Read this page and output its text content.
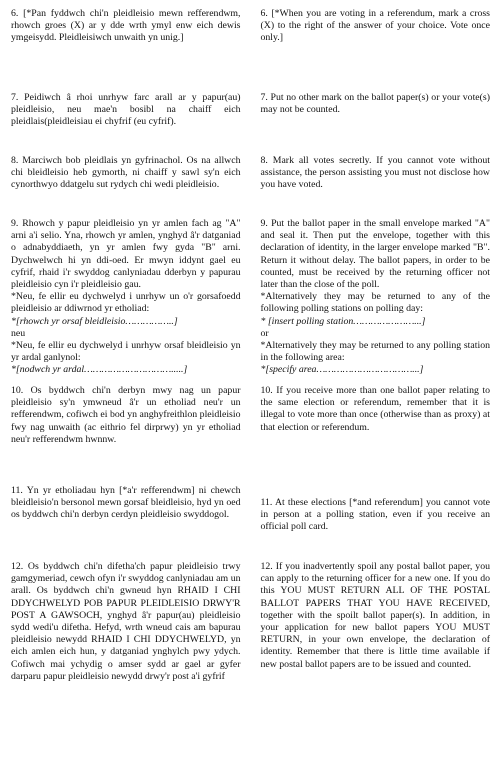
6. [*Pan fyddwch chi'n pleidleisio mewn refferendwm, rhowch groes (X) ar y dde wrth ymyl enw eich dewis ymgeisydd. Pleidleisiwch unwaith yn unig.]
6. [*When you are voting in a referendum, mark a cross (X) to the right of the answer of your choice. Vote once only.]
7. Peidiwch â rhoi unrhyw farc arall ar y papur(au) pleidleisio, neu mae'n bosibl na chaiff eich pleidlais(pleidleisiau ei chyfrif (eu cyfrif).
7. Put no other mark on the ballot paper(s) or your vote(s) may not be counted.
8. Marciwch bob pleidlais yn gyfrinachol. Os na allwch chi bleidleisio heb gymorth, ni chaiff y sawl sy'n eich cynorthwyo ddatgelu sut rydych chi wedi pleidleisio.
8. Mark all votes secretly. If you cannot vote without assistance, the person assisting you must not disclose how you have voted.

9. Rhowch y papur pleidleisio yn yr amlen fach ag "A" arni a'i selio. Yna, rhowch yr amlen, ynghyd â'r datganiad o adnabyddiaeth, yn yr amlen fwy gyda "B" arni. Dychwelwch hi yn ddi-oed. Er mwyn iddynt gael eu cyfrif, rhaid i'r swyddog canlyniadau dderbyn y papurau pleidleisio cyn i'r pleidleisio gau.

*Neu, fe ellir eu dychwelyd i unrhyw un o'r gorsafoedd pleidleisio ar ddiwrnod yr etholiad:

*[rhowch yr orsaf bleidleisio……………..]

neu

*Neu, fe ellir eu dychwelyd i unrhyw orsaf bleidleisio yn yr ardal ganlynol:

*[nodwch yr ardal………………………….....]

9. Put the ballot paper in the small envelope marked "A" and seal it. Then put the envelope, together with this declaration of identity, in the larger envelope marked "B". Return it without delay. The ballot papers, in order to be counted, must be received by the returning officer not later than the close of the poll.

*Alternatively they may be returned to any of the following polling stations on polling day:

* [insert polling station…………………...]

or

*Alternatively they may be returned to any polling station in the following area:

*[specify area……………………………...]

10. Os byddwch chi'n derbyn mwy nag un papur pleidleisio sy'n ymwneud â'r un etholiad neu'r un refferendwm, cofiwch ei bod yn anghyfreithlon pleidleisio fwy nag unwaith (ac eithrio fel dirprwy) yn yr etholiad neu'r refferendwm hwnnw.
10. If you receive more than one ballot paper relating to the same election or referendum, remember that it is illegal to vote more than once (otherwise than as proxy) at that election or referendum.
11. Yn yr etholiadau hyn [*a'r refferendwm] ni chewch bleidleisio'n bersonol mewn gorsaf bleidleisio, hyd yn oed os byddwch chi'n derbyn cerdyn pleidleisio swyddogol.
11. At these elections [*and referendum] you cannot vote in person at a polling station, even if you receive an official poll card.
12. Os byddwch chi'n difetha'ch papur pleidleisio trwy gamgymeriad, cewch ofyn i'r swyddog canlyniadau am un arall. Os byddwch chi'n gwneud hyn RHAID I CHI DDYCHWELYD POB PAPUR PLEIDLEISIO DRWY'R POST A GAWSOCH, ynghyd â'r papur(au) pleidleisio sydd wedi'u difetha. Hefyd, wrth wneud cais am bapurau pleidleisio newydd RHAID I CHI DDYCHWELYD, yn eich amlen eich hun, y datganiad ynghylch pwy ydych. Cofiwch mai ychydig o amser sydd ar gael ar gyfer darparu papur pleidleisio newydd drwy'r post a'i gyfrif
12. If you inadvertently spoil any postal ballot paper, you can apply to the returning officer for a new one. If you do this YOU MUST RETURN ALL OF THE POSTAL BALLOT PAPERS THAT YOU HAVE RECEIVED, together with the spoilt ballot paper(s). In addition, in your application for new ballot papers YOU MUST RETURN, in your own envelope, the declaration of identity. Remember that there is little time available if new postal ballot papers are to be issued and counted.
